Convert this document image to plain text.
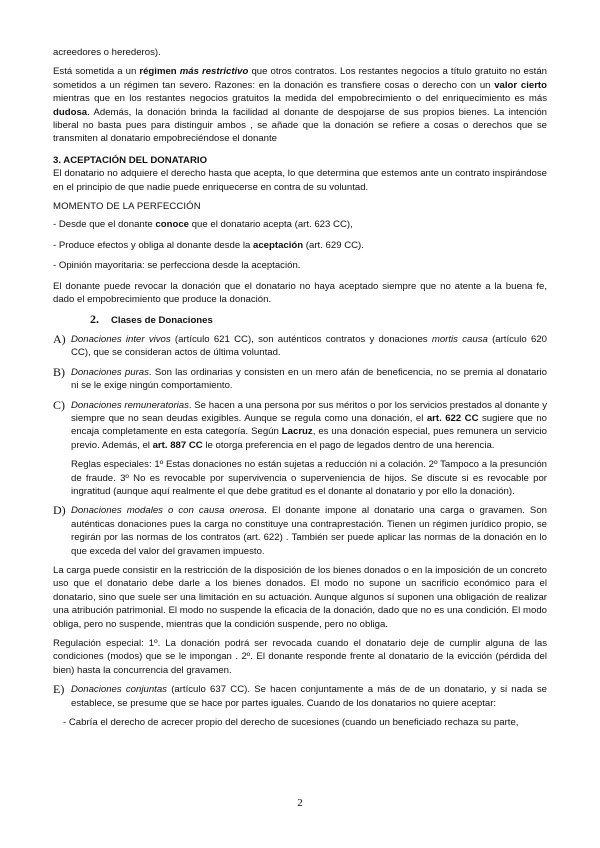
acreedores o herederos).

Está sometida a un régimen más restrictivo que otros contratos. Los restantes negocios a título gratuito no están sometidos a un régimen tan severo. Razones: en la donación es transfiere cosas o derecho con un valor cierto mientras que en los restantes negocios gratuitos la medida del empobrecimiento o del enriquecimiento es más dudosa. Además, la donación brinda la facilidad al donante de despojarse de sus propios bienes. La intención liberal no basta pues para distinguir ambos , se añade que la donación se refiere a cosas o derechos que se transmiten al donatario empobreciéndose el donante

3. ACEPTACIÓN DEL DONATARIO

El donatario no adquiere el derecho hasta que acepta, lo que determina que estemos ante un contrato inspirándose en el principio de que nadie puede enriquecerse en contra de su voluntad.

MOMENTO DE LA PERFECCIÓN

- Desde que el donante conoce que el donatario acepta (art. 623 CC),

- Produce efectos y obliga al donante desde la aceptación (art. 629 CC).

- Opinión mayoritaria: se perfecciona desde la aceptación.

El donante puede revocar la donación que el donatario no haya aceptado siempre que no atente a la buena fe, dado el empobrecimiento que produce la donación.

2. Clases de Donaciones
A) Donaciones inter vivos (artículo 621 CC), son auténticos contratos y donaciones mortis causa (artículo 620 CC), que se consideran actos de última voluntad.

B) Donaciones puras. Son las ordinarias y consisten en un mero afán de beneficencia, no se premia al donatario ni se le exige ningún comportamiento.

C) Donaciones remuneratorias. Se hacen a una persona por sus méritos o por los servicios prestados al donante y siempre que no sean deudas exigibles. Aunque se regula como una donación, el art. 622 CC sugiere que no encaja completamente en esta categoría. Según Lacruz, es una donación especial, pues remunera un servicio previo. Además, el art. 887 CC le otorga preferencia en el pago de legados dentro de una herencia.

Reglas especiales: 1º Estas donaciones no están sujetas a reducción ni a colación. 2º Tampoco a la presunción de fraude. 3º No es revocable por supervivencia o superveniencia de hijos. Se discute si es revocable por ingratitud (aunque aquí realmente el que debe gratitud es el donante al donatario y por ello la donación).

D) Donaciones modales o con causa onerosa. El donante impone al donatario una carga o gravamen. Son auténticas donaciones pues la carga no constituye una contraprestación. Tienen un régimen jurídico propio, se regirán por las normas de los contratos (art. 622) . También ser puede aplicar las normas de la donación en lo que exceda del valor del gravamen impuesto.

La carga puede consistir en la restricción de la disposición de los bienes donados o en la imposición de un concreto uso que el donatario debe darle a los bienes donados. El modo no supone un sacrificio económico para el donatario, sino que suele ser una limitación en su actuación. Aunque algunos sí suponen una obligación de realizar una atribución patrimonial. El modo no suspende la eficacia de la donación, dado que no es una condición. El modo obliga, pero no suspende, mientras que la condición suspende, pero no obliga.

Regulación especial: 1º. La donación podrá ser revocada cuando el donatario deje de cumplir alguna de las condiciones (modos) que se le impongan . 2º. El donante responde frente al donatario de la evicción (pérdida del bien) hasta la concurrencia del gravamen.

E) Donaciones conjuntas (artículo 637 CC). Se hacen conjuntamente a más de de un donatario, y si nada se establece, se presume que se hace por partes iguales. Cuando de los donatarios no quiere aceptar:

- Cabría el derecho de acrecer propio del derecho de sucesiones (cuando un beneficiado rechaza su parte,

2
